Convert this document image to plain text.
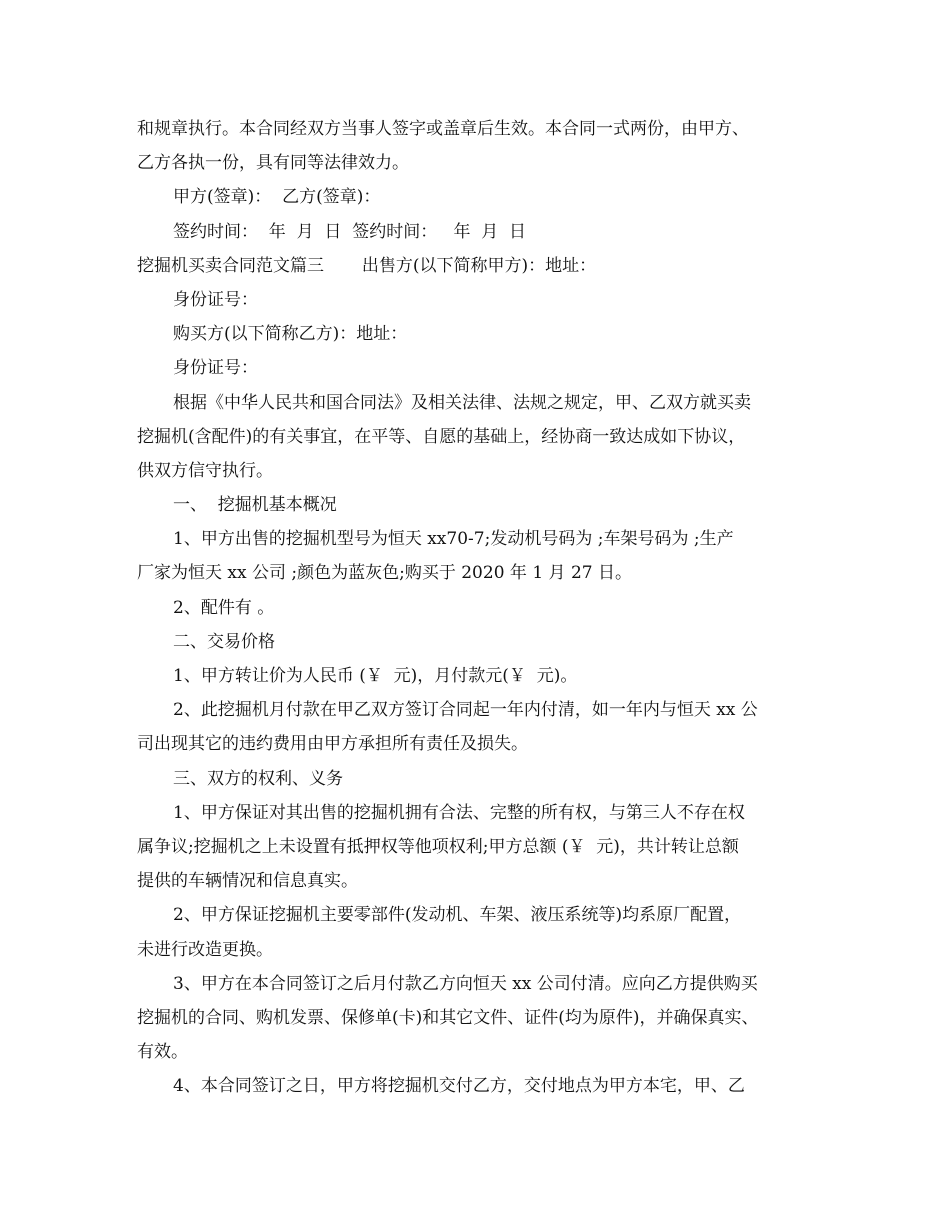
和规章执行。本合同经双方当事人签字或盖章后生效。本合同一式两份，由甲方、
乙方各执一份，具有同等法律效力。
甲方(签章)：  乙方(签章)：
签约时间：  年  月  日  签约时间：   年  月  日
挖掘机买卖合同范文篇三       出售方(以下简称甲方)：地址：
身份证号：
购买方(以下简称乙方)：地址：
身份证号：
根据《中华人民共和国合同法》及相关法律、法规之规定，甲、乙双方就买卖
挖掘机(含配件)的有关事宜，在平等、自愿的基础上，经协商一致达成如下协议，
供双方信守执行。
一、  挖掘机基本概况
1、甲方出售的挖掘机型号为恒天 xx70-7;发动机号码为 ;车架号码为 ;生产
厂家为恒天 xx 公司 ;颜色为蓝灰色;购买于 2020 年 1 月 27 日。
2、配件有 。
二、交易价格
1、甲方转让价为人民币 (￥  元)，月付款元(￥  元)。
2、此挖掘机月付款在甲乙双方签订合同起一年内付清，如一年内与恒天 xx 公
司出现其它的违约费用由甲方承担所有责任及损失。
三、双方的权利、义务
1、甲方保证对其出售的挖掘机拥有合法、完整的所有权，与第三人不存在权
属争议;挖掘机之上未设置有抵押权等他项权利;甲方总额 (￥  元)，共计转让总额
提供的车辆情况和信息真实。
2、甲方保证挖掘机主要零部件(发动机、车架、液压系统等)均系原厂配置，
未进行改造更换。
3、甲方在本合同签订之后月付款乙方向恒天 xx 公司付清。应向乙方提供购买
挖掘机的合同、购机发票、保修单(卡)和其它文件、证件(均为原件)，并确保真实、
有效。
4、本合同签订之日，甲方将挖掘机交付乙方，交付地点为甲方本宅，甲、乙
